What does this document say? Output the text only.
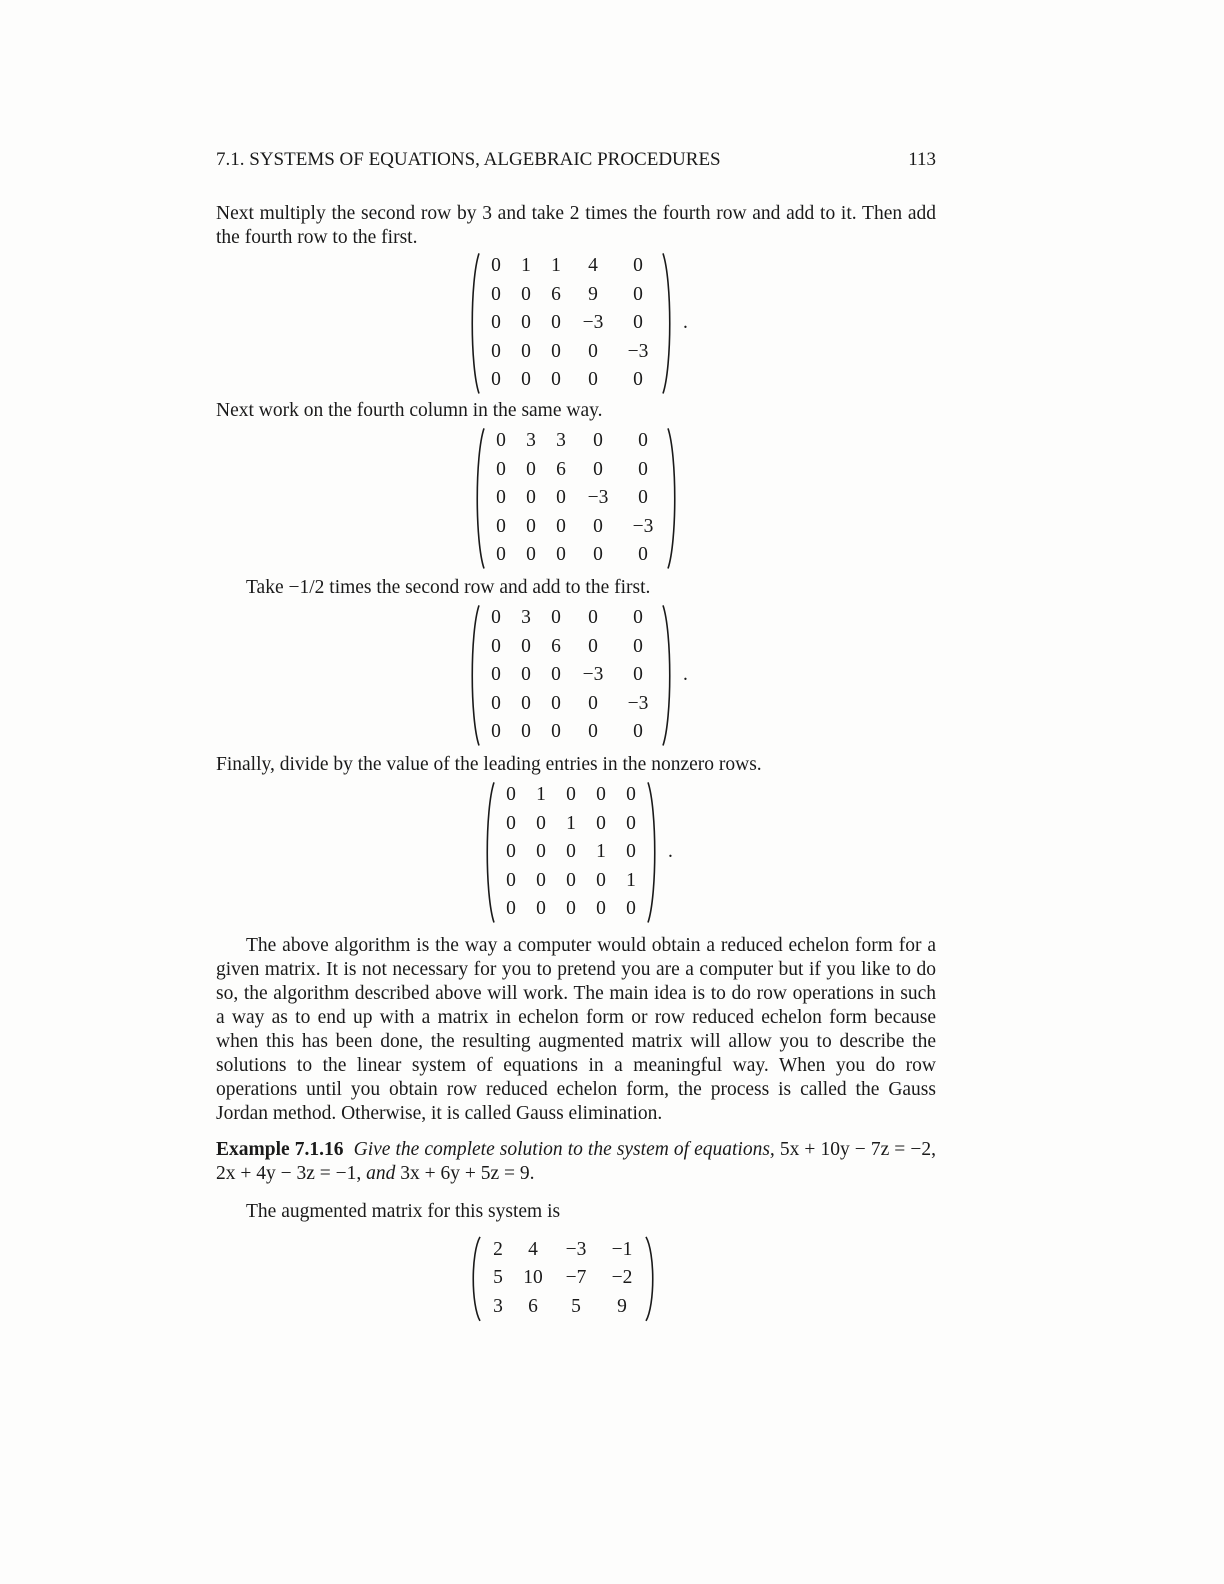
7.1. SYSTEMS OF EQUATIONS, ALGEBRAIC PROCEDURES	113

Next multiply the second row by 3 and take 2 times the fourth row and add to it. Then add the fourth row to the first.

0	1	1	4	0
0	0	6	9	0
0	0	0	−3	0
0	0	0	0	−3
0	0	0	0	0
.

Next work on the fourth column in the same way.

0	3	3	0	0
0	0	6	0	0
0	0	0	−3	0
0	0	0	0	−3
0	0	0	0	0

Take −1/2 times the second row and add to the first.

0	3	0	0	0
0	0	6	0	0
0	0	0	−3	0
0	0	0	0	−3
0	0	0	0	0
.

Finally, divide by the value of the leading entries in the nonzero rows.

0	1	0	0	0
0	0	1	0	0
0	0	0	1	0
0	0	0	0	1
0	0	0	0	0
.

The above algorithm is the way a computer would obtain a reduced echelon form for a given matrix. It is not necessary for you to pretend you are a computer but if you like to do so, the algorithm described above will work. The main idea is to do row operations in such a way as to end up with a matrix in echelon form or row reduced echelon form because when this has been done, the resulting augmented matrix will allow you to describe the solutions to the linear system of equations in a meaningful way. When you do row operations until you obtain row reduced echelon form, the process is called the Gauss Jordan method. Otherwise, it is called Gauss elimination.

Example 7.1.16 Give the complete solution to the system of equations, 5x + 10y − 7z = −2, 2x + 4y − 3z = −1, and 3x + 6y + 5z = 9.

The augmented matrix for this system is

2	4	−3	−1
5	10	−7	−2
3	6	5	9
